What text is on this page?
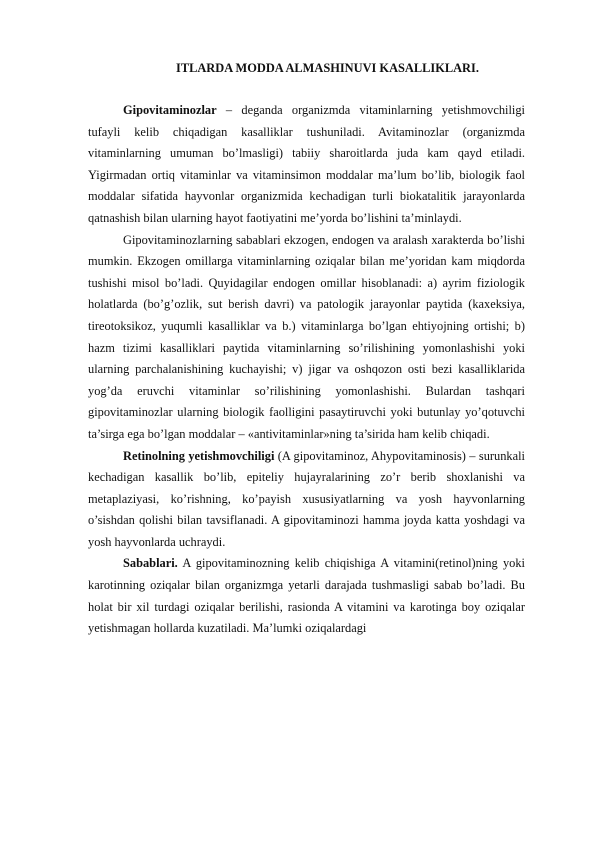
ITLARDA MODDA ALMASHINUVI KASALLIKLARI.

Gipovitaminozlar – deganda organizmda vitaminlarning yetishmovchiligi tufayli kelib chiqadigan kasalliklar tushuniladi. Avitaminozlar (organizmda vitaminlarning umuman bo’lmasligi) tabiiy sharoitlarda juda kam qayd etiladi. Yigirmadan ortiq vitaminlar va vitaminsimon moddalar ma’lum bo’lib, biologik faol moddalar sifatida hayvonlar organizmida kechadigan turli biokatalitik jarayonlarda qatnashish bilan ularning hayot faotiyatini me’yorda bo’lishini ta’minlaydi.

Gipovitaminozlarning sabablari ekzogen, endogen va aralash xarakterda bo’lishi mumkin. Ekzogen omillarga vitaminlarning oziqalar bilan me’yoridan kam miqdorda tushishi misol bo’ladi. Quyidagilar endogen omillar hisoblanadi: a) ayrim fiziologik holatlarda (bo’g’ozlik, sut berish davri) va patologik jarayonlar paytida (kaxeksiya, tireotoksikoz, yuqumli kasalliklar va b.) vitaminlarga bo’lgan ehtiyojning ortishi; b) hazm tizimi kasalliklari paytida vitaminlarning so’rilishining yomonlashishi yoki ularning parchalanishining kuchayishi; v) jigar va oshqozon osti bezi kasalliklarida yog’da eruvchi vitaminlar so’rilishining yomonlashishi. Bulardan tashqari gipovitaminozlar ularning biologik faolligini pasaytiruvchi yoki butunlay yo’qotuvchi ta’sirga ega bo’lgan moddalar – «antivitaminlar»ning ta’sirida ham kelib chiqadi.

Retinolning yetishmovchiligi (A gipovitaminoz, Ahypovitaminosis) – surunkali kechadigan kasallik bo’lib, epiteliy hujayralarining zo’r berib shoxlanishi va metaplaziyasi, ko’rishning, ko’payish xususiyatlarning va yosh hayvonlarning o’sishdan qolishi bilan tavsiflanadi. A gipovitaminozi hamma joyda katta yoshdagi va yosh hayvonlarda uchraydi.

Sabablari. A gipovitaminozning kelib chiqishiga A vitamini(retinol)ning yoki karotinning oziqalar bilan organizmga yetarli darajada tushmasligi sabab bo’ladi. Bu holat bir xil turdagi oziqalar berilishi, rasionda A vitamini va karotinga boy oziqalar yetishmagan hollarda kuzatiladi. Ma’lumki oziqalardagi
